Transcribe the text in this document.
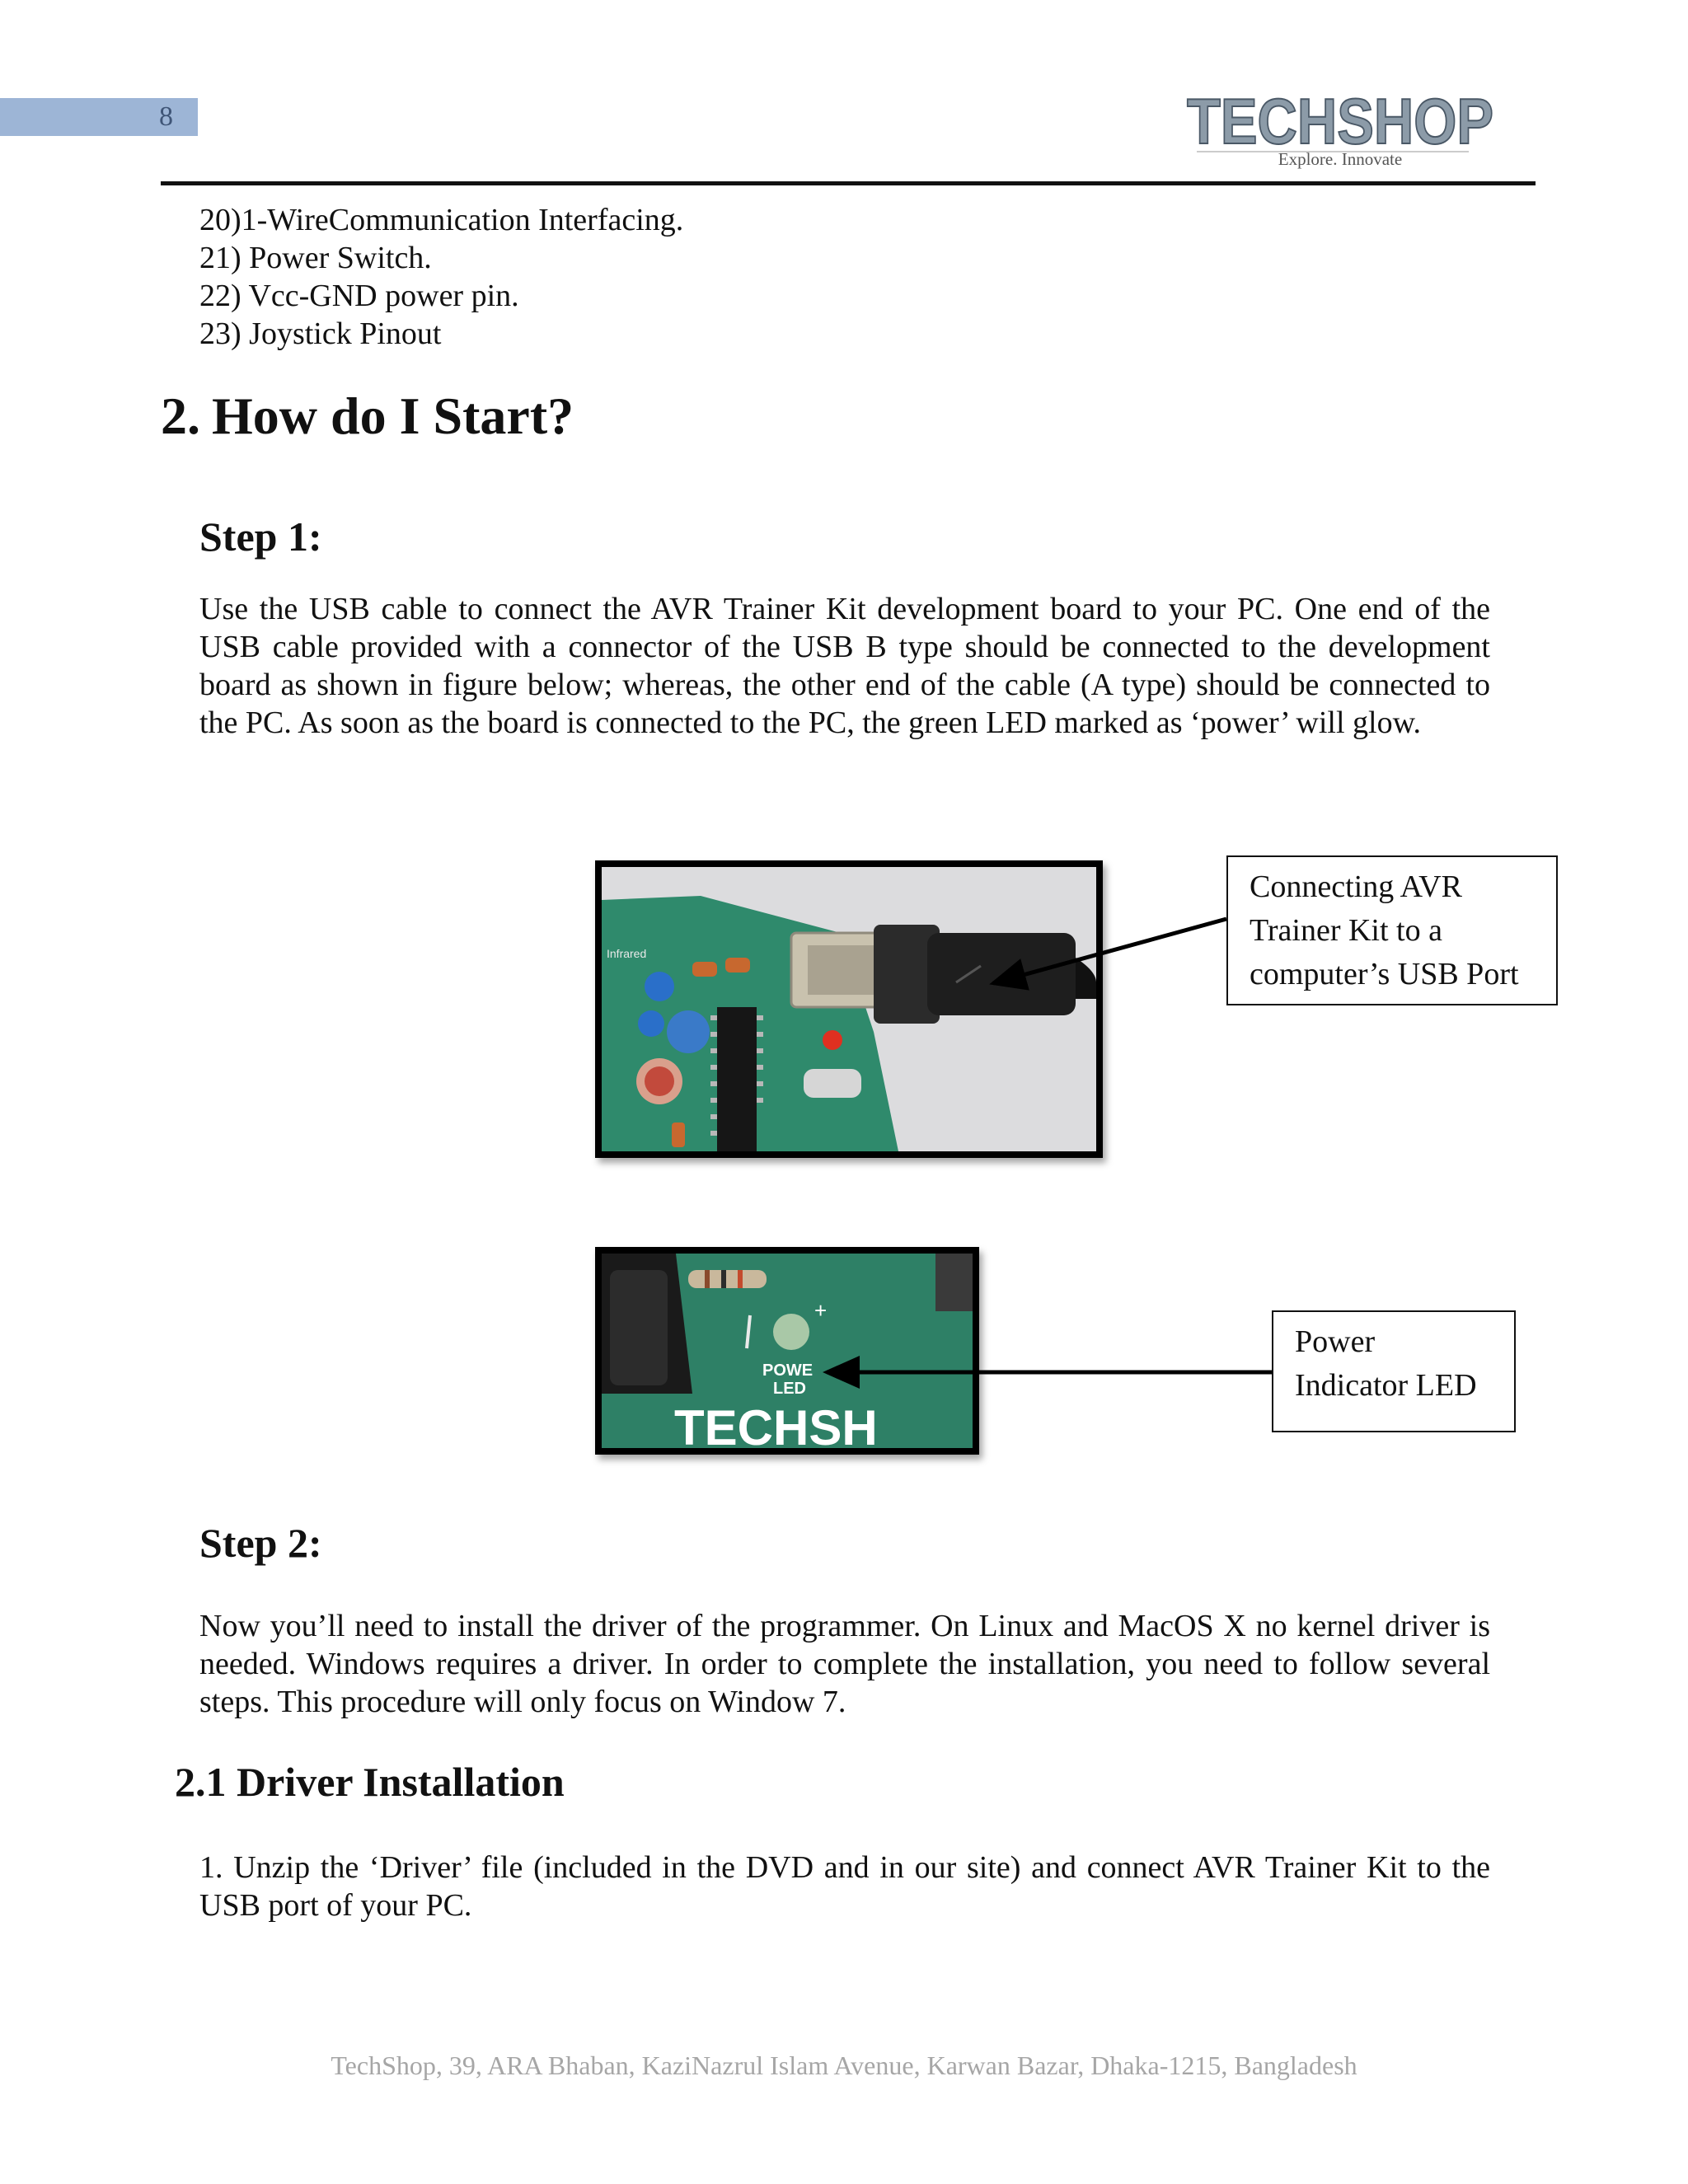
8	TECHSHOP
Explore. Innovate
20)1-WireCommunication Interfacing.
21) Power Switch.
22) Vcc-GND power pin.
23) Joystick Pinout
2. How do I Start?
Step 1:

Use the USB cable to connect the AVR Trainer Kit development board to your PC. One end of the USB cable provided with a connector of the USB B type should be connected to the development board as shown in figure below; whereas, the other end of the cable (A type) should be connected to the PC. As soon as the board is connected to the PC, the green LED marked as ‘power’ will glow.

Infrared
Connecting AVR
Trainer Kit to a
computer’s USB Port
+
POWE
LED
TECHSH
Power
Indicator LED
Step 2:

Now you’ll need to install the driver of the programmer. On Linux and MacOS X no kernel driver is needed. Windows requires a driver. In order to complete the installation, you need to follow several steps. This procedure will only focus on Window 7.

2.1 Driver Installation

1. Unzip the ‘Driver’ file (included in the DVD and in our site) and connect AVR Trainer Kit to the USB port of your PC.

TechShop, 39, ARA Bhaban, KaziNazrul Islam Avenue, Karwan Bazar, Dhaka-1215, Bangladesh
